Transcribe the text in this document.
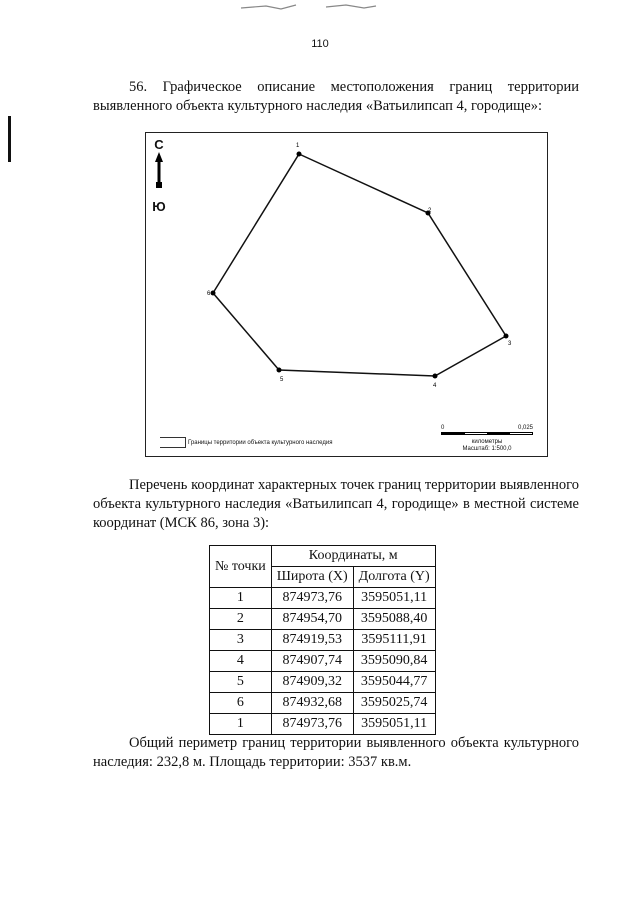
110
56. Графическое описание местоположения границ территории выявленного объекта культурного наследия «Ватьилипсап 4, городище»:
С
Ю
1
2
3
4
5
6
Границы территории объекта культурного наследия
0	0,025
километры
Масштаб: 1:500,0
Перечень координат характерных точек границ территории выявленного объекта культурного наследия «Ватьилипсап 4, городище» в местной системе координат (МСК 86, зона 3):
№ точки	Координаты, м	
	Широта (X)	Долгота (Y)
1	874973,76	3595051,11
2	874954,70	3595088,40
3	874919,53	3595111,91
4	874907,74	3595090,84
5	874909,32	3595044,77
6	874932,68	3595025,74
1	874973,76	3595051,11
Общий периметр границ территории выявленного объекта культурного наследия: 232,8 м. Площадь территории: 3537 кв.м.
